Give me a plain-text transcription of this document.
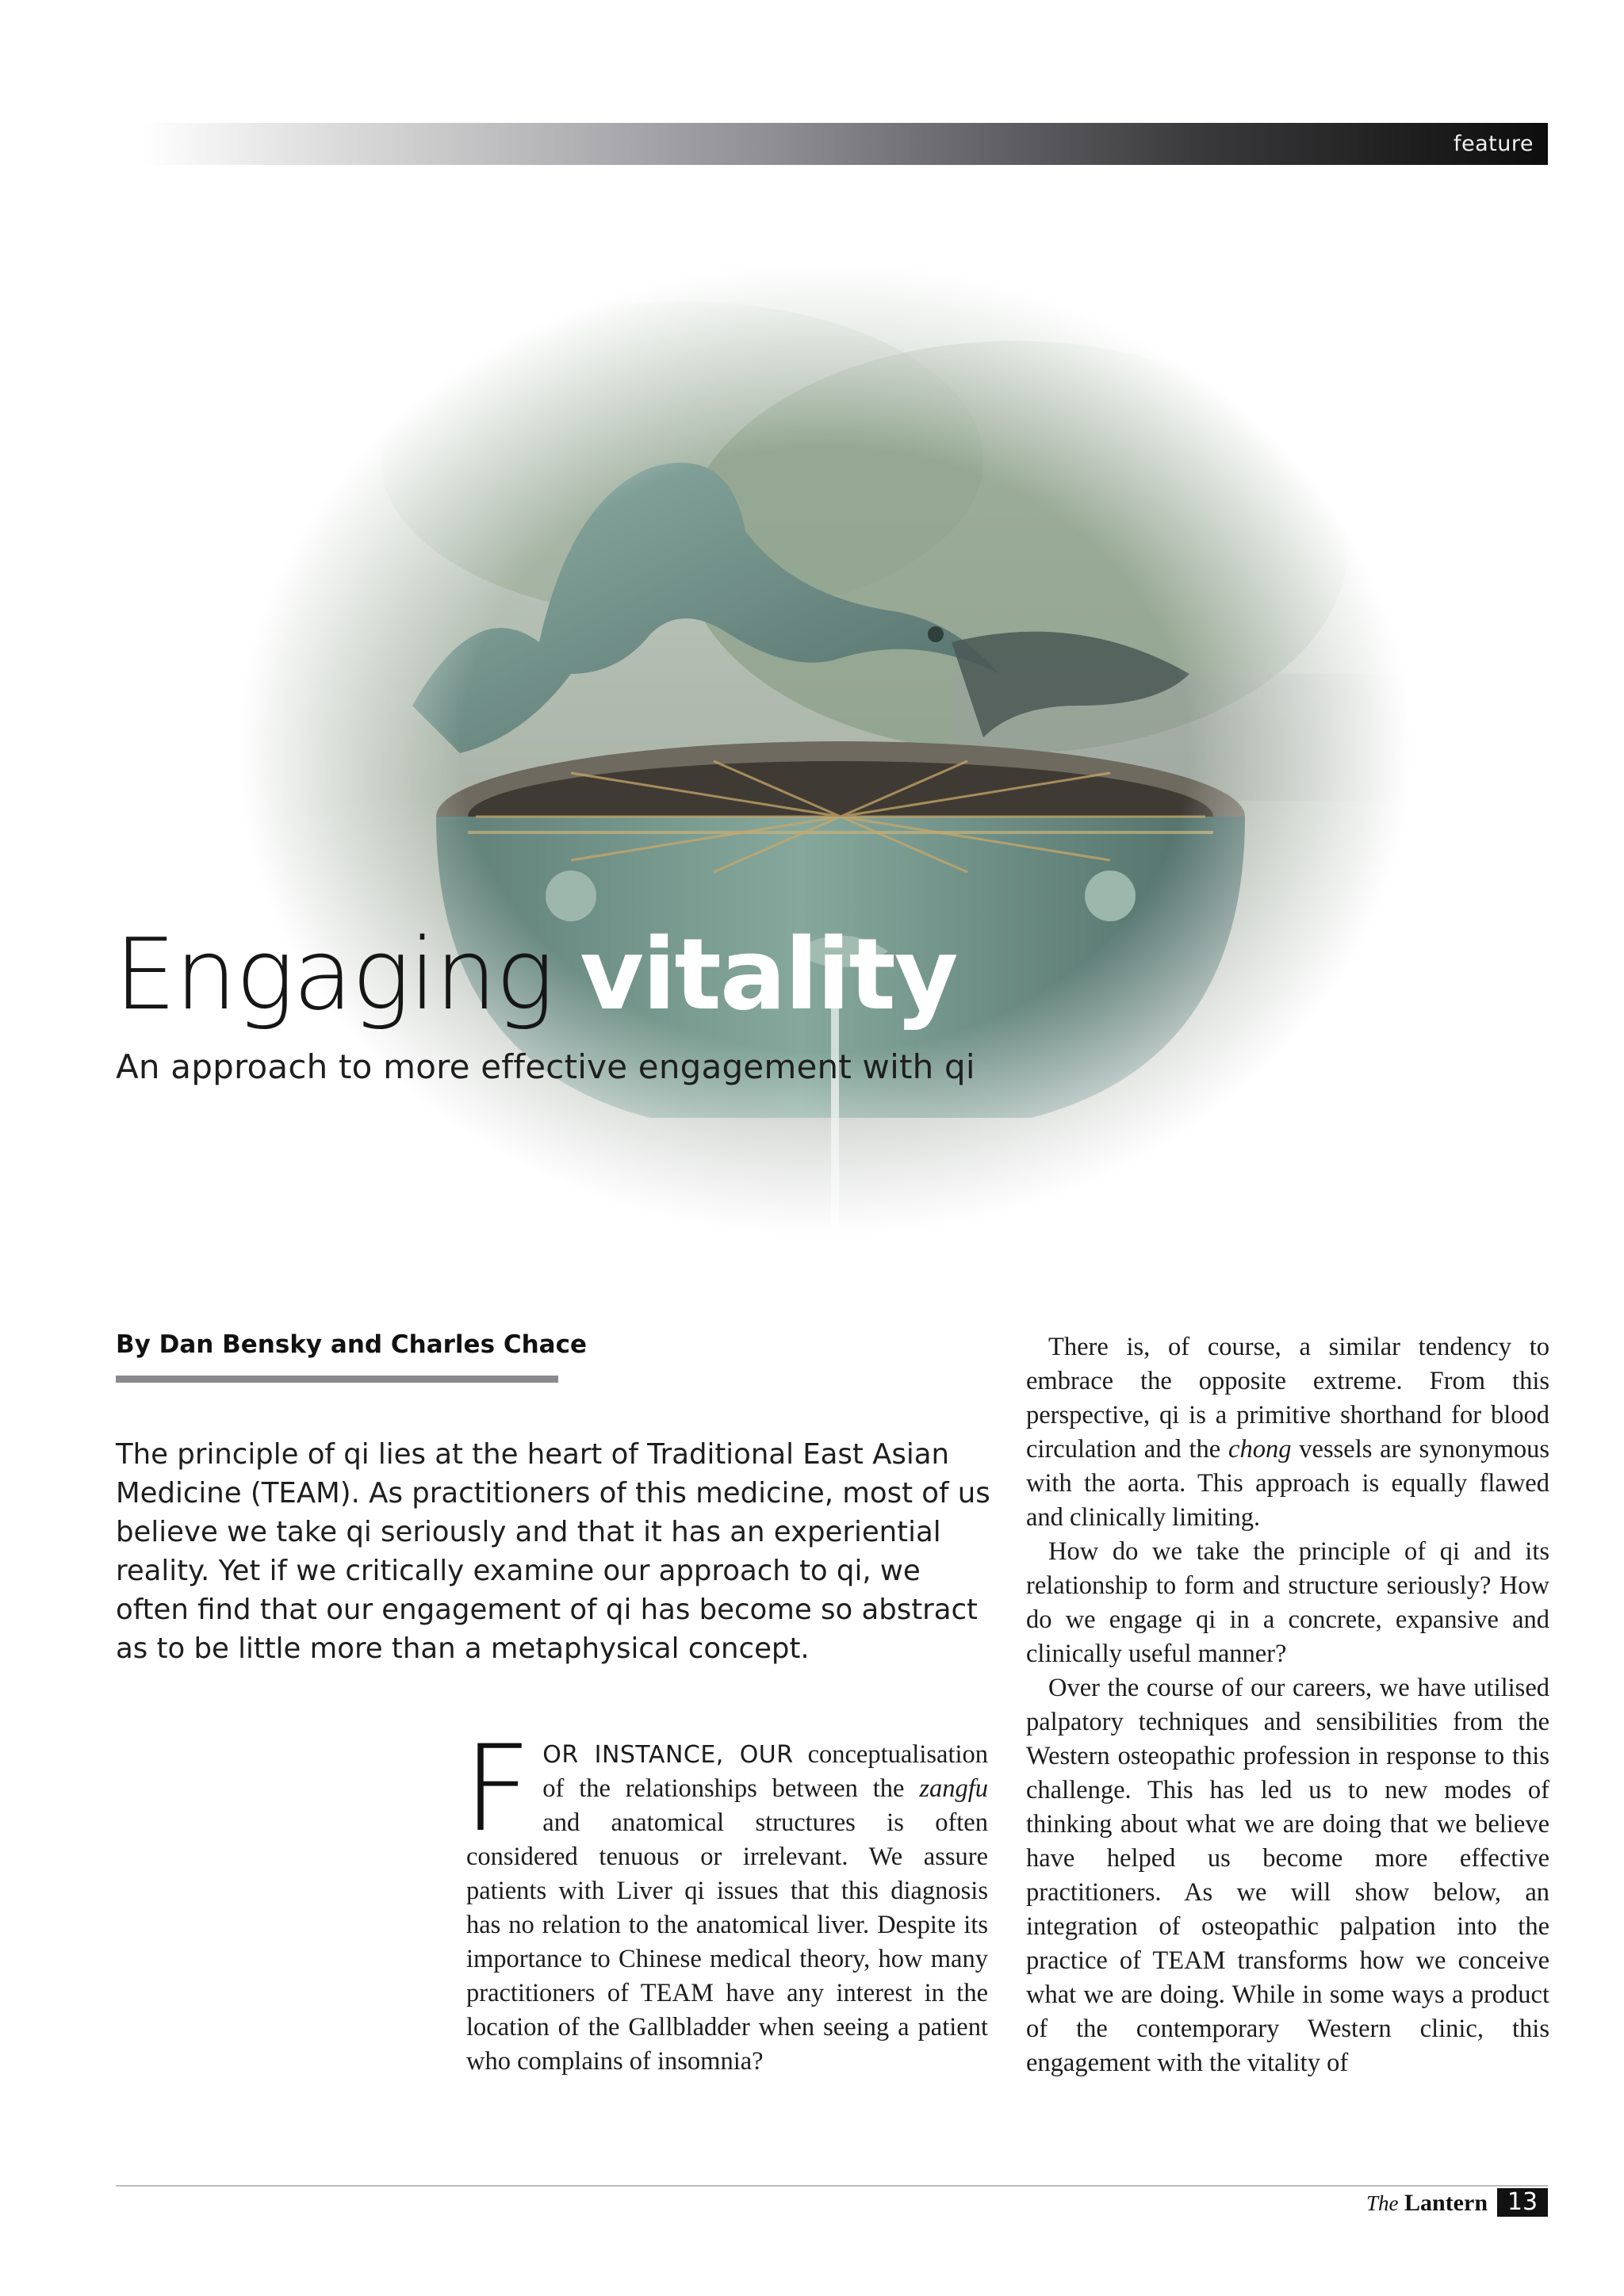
feature
Engaging vitality

An approach to more effective engagement with qi

By Dan Bensky and Charles Chace

The principle of qi lies at the heart of Traditional East Asian Medicine (TEAM). As practitioners of this medicine, most of us believe we take qi seriously and that it has an experiential reality. Yet if we critically examine our approach to qi, we often find that our engagement of qi has become so abstract as to be little more than a metaphysical concept.

FOR INSTANCE, OUR conceptualisation of the relationships between the zangfu and anatomical structures is often considered tenuous or irrelevant. We assure patients with Liver qi issues that this diagnosis has no relation to the anatomical liver. Despite its importance to Chinese medical theory, how many practitioners of TEAM have any interest in the location of the Gallbladder when seeing a patient who complains of insomnia?

There is, of course, a similar tendency to embrace the opposite extreme. From this perspective, qi is a primitive shorthand for blood circulation and the chong vessels are synonymous with the aorta. This approach is equally flawed and clinically limiting.

How do we take the principle of qi and its relationship to form and structure seriously? How do we engage qi in a concrete, expansive and clinically useful manner?

Over the course of our careers, we have utilised palpatory techniques and sensibilities from the Western osteopathic profession in response to this challenge. This has led us to new modes of thinking about what we are doing that we believe have helped us become more effective practitioners. As we will show below, an integration of osteopathic palpation into the practice of TEAM transforms how we conceive what we are doing. While in some ways a product of the contemporary Western clinic, this engagement with the vitality of

The Lantern 13
